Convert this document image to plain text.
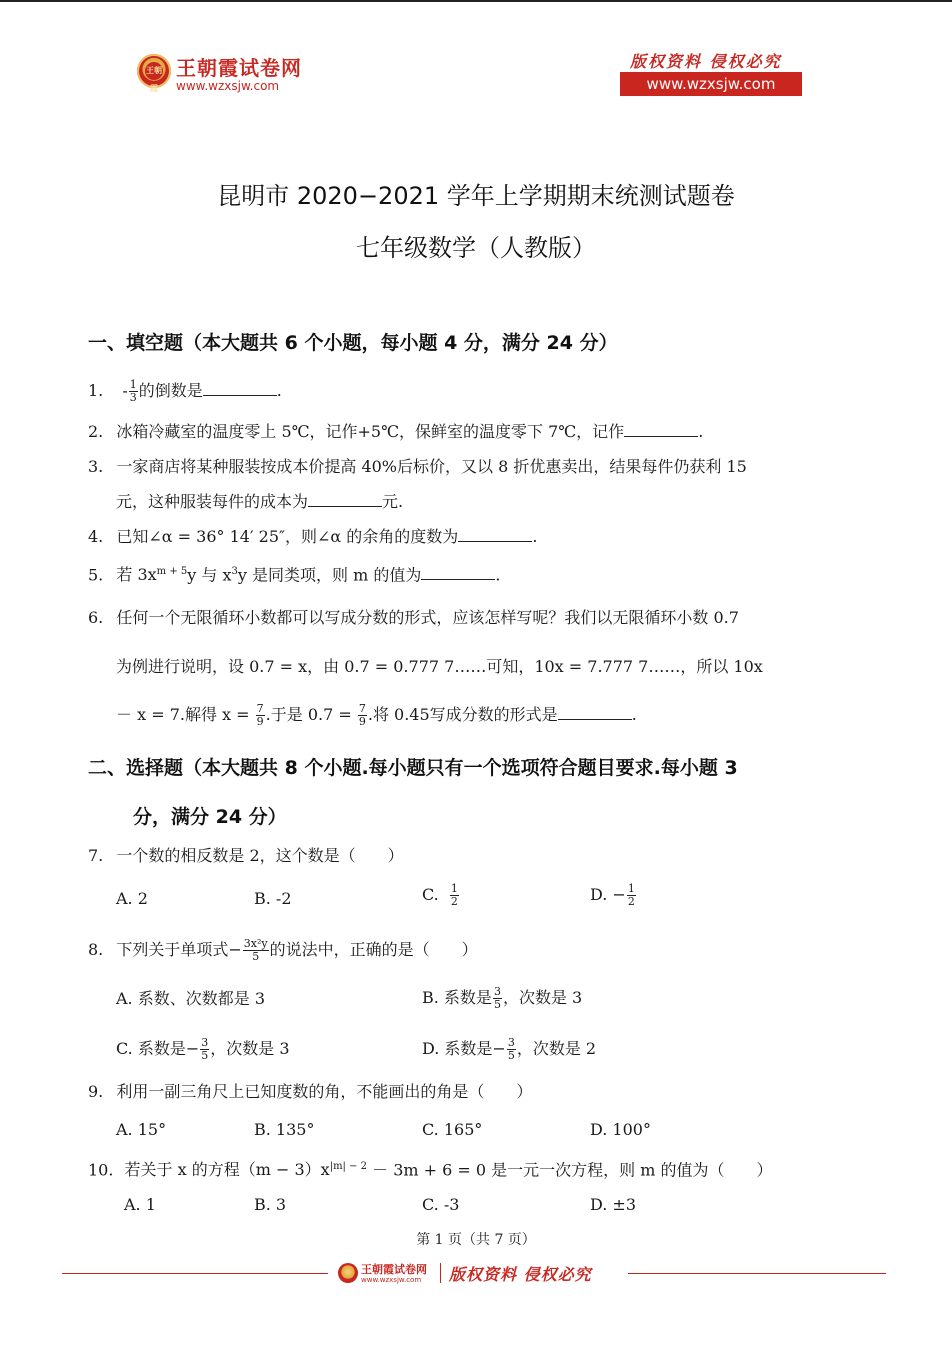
王朝霞
王朝霞试卷网
www.wzxsjw.com
版权资料 侵权必究
www.wzxsjw.com
昆明市 2020−2021 学年上学期期末统测试题卷
七年级数学（人教版）
一、填空题（本大题共 6 个小题，每小题 4 分，满分 24 分）
1. - $\frac{1}{3}$ 的倒数是	.
2. 冰箱冷藏室的温度零上 5℃，记作+5℃，保鲜室的温度零下 7℃，记作	.
3. 一家商店将某种服装按成本价提高 40%后标价，又以 8 折优惠卖出，结果每件仍获利 15
元，这种服装每件的成本为	元.
4. 已知∠α = 36° 14′ 25″，则∠α 的余角的度数为	.
5. 若 $3x^{m + 5}y$ 与 $x^3y$ 是同类项，则 m 的值为	.
6. 任何一个无限循环小数都可以写成分数的形式，应该怎样写呢？我们以无限循环小数 0.7
为例进行说明，设 0.7 = x，由 0.7 = 0.777 7……可知，10x = 7.777 7……，所以 10x
－ x = 7.解得 $x = \frac{7}{9}$ .于是 $0.7 = \frac{7}{9}$ .将 0.45写成分数的形式是	.
二、选择题（本大题共 8 个小题.每小题只有一个选项符合题目要求.每小题 3
分，满分 24 分）
7. 一个数的相反数是 2，这个数是（　　）
A. 2	B. -2	C. $\frac{1}{2}$	D. − $\frac{1}{2}$
8. 下列关于单项式− $\frac{\text{3x²y}}{5}$ 的说法中，正确的是（　　）
A. 系数、次数都是 3	B. 系数是 $\frac{3}{5}$ ，次数是 3
C. 系数是− $\frac{3}{5}$ ，次数是 3	D. 系数是− $\frac{3}{5}$ ，次数是 2
9. 利用一副三角尺上已知度数的角，不能画出的角是（　　）
A. 15°	B. 135°	C. 165°	D. 100°
10. 若关于 x 的方程$(m - 3)x^{|m| - 2} - 3m + 6 = 0$ 是一元一次方程，则 m 的值为（　　）
A. 1	B. 3	C. -3	D. ±3
第 1 页（共 7 页）
王朝霞试卷网
www.wzxsjw.com 版权资料 侵权必究
